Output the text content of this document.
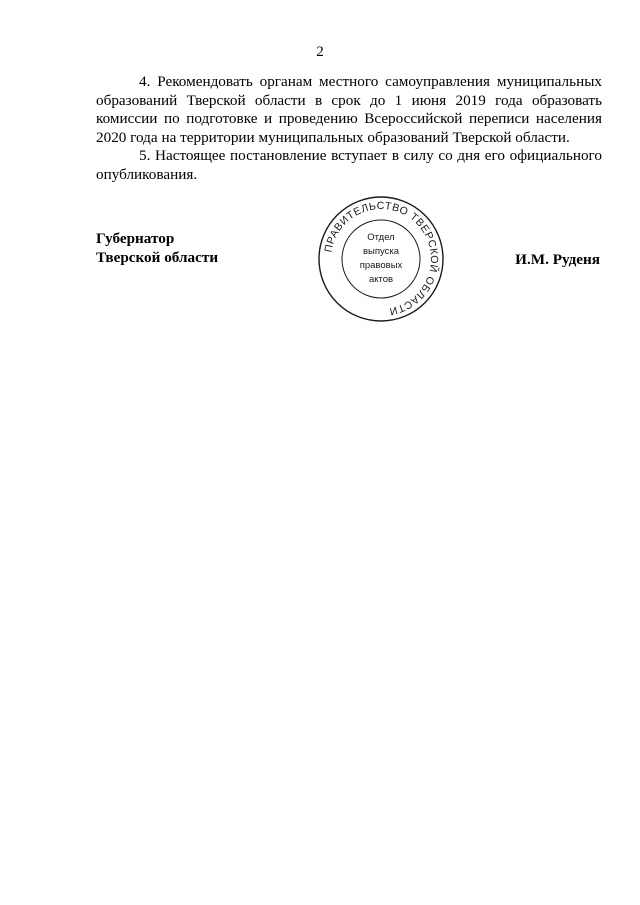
2

4. Рекомендовать органам местного самоуправления муниципальных образований Тверской области в срок до 1 июня 2019 года образовать комиссии по подготовке и проведению Всероссийской переписи населения 2020 года на территории муниципальных образований Тверской области.

5. Настоящее постановление вступает в силу со дня его официального опубликования.

Губернатор
Тверской области
ПРАВИТЕЛЬСТВО ТВЕРСКОЙ ОБЛАСТИ
Отдел
выпуска
правовых
актов
И.М. Руденя
